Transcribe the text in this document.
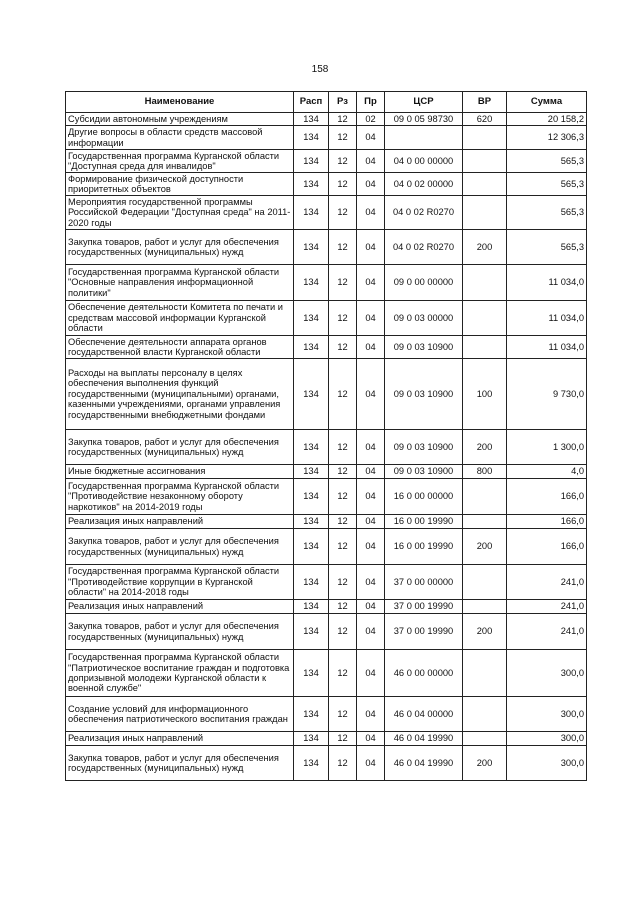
158
Наименование	Расп	Рз	Пр	ЦСР	ВР	Сумма
Субсидии автономным учреждениям	134	12	02	09 0 05 98730	620	20 158,2
Другие вопросы в области средств массовой информации	134	12	04			12 306,3
Государственная программа Курганской области "Доступная среда для инвалидов"	134	12	04	04 0 00 00000		565,3
Формирование физической доступности приоритетных объектов	134	12	04	04 0 02 00000		565,3
Мероприятия государственной программы Российской Федерации "Доступная среда" на 2011-2020 годы	134	12	04	04 0 02 R0270		565,3
Закупка товаров, работ и услуг для обеспечения государственных (муниципальных) нужд	134	12	04	04 0 02 R0270	200	565,3
Государственная программа Курганской области "Основные направления информационной политики"	134	12	04	09 0 00 00000		11 034,0
Обеспечение деятельности Комитета по печати и средствам массовой информации Курганской области	134	12	04	09 0 03 00000		11 034,0
Обеспечение деятельности аппарата органов государственной власти Курганской области	134	12	04	09 0 03 10900		11 034,0
Расходы на выплаты персоналу в целях обеспечения выполнения функций государственными (муниципальными) органами, казенными учреждениями, органами управления государственными внебюджетными фондами	134	12	04	09 0 03 10900	100	9 730,0
Закупка товаров, работ и услуг для обеспечения государственных (муниципальных) нужд	134	12	04	09 0 03 10900	200	1 300,0
Иные бюджетные ассигнования	134	12	04	09 0 03 10900	800	4,0
Государственная программа Курганской области "Противодействие незаконному обороту наркотиков" на 2014-2019 годы	134	12	04	16 0 00 00000		166,0
Реализация иных направлений	134	12	04	16 0 00 19990		166,0
Закупка товаров, работ и услуг для обеспечения государственных (муниципальных) нужд	134	12	04	16 0 00 19990	200	166,0
Государственная программа Курганской области "Противодействие коррупции в Курганской области" на 2014-2018 годы	134	12	04	37 0 00 00000		241,0
Реализация иных направлений	134	12	04	37 0 00 19990		241,0
Закупка товаров, работ и услуг для обеспечения государственных (муниципальных) нужд	134	12	04	37 0 00 19990	200	241,0
Государственная программа Курганской области "Патриотическое воспитание граждан и подготовка допризывной молодежи Курганской области к военной службе"	134	12	04	46 0 00 00000		300,0
Создание условий для информационного обеспечения патриотического воспитания граждан	134	12	04	46 0 04 00000		300,0
Реализация иных направлений	134	12	04	46 0 04 19990		300,0
Закупка товаров, работ и услуг для обеспечения государственных (муниципальных) нужд	134	12	04	46 0 04 19990	200	300,0
